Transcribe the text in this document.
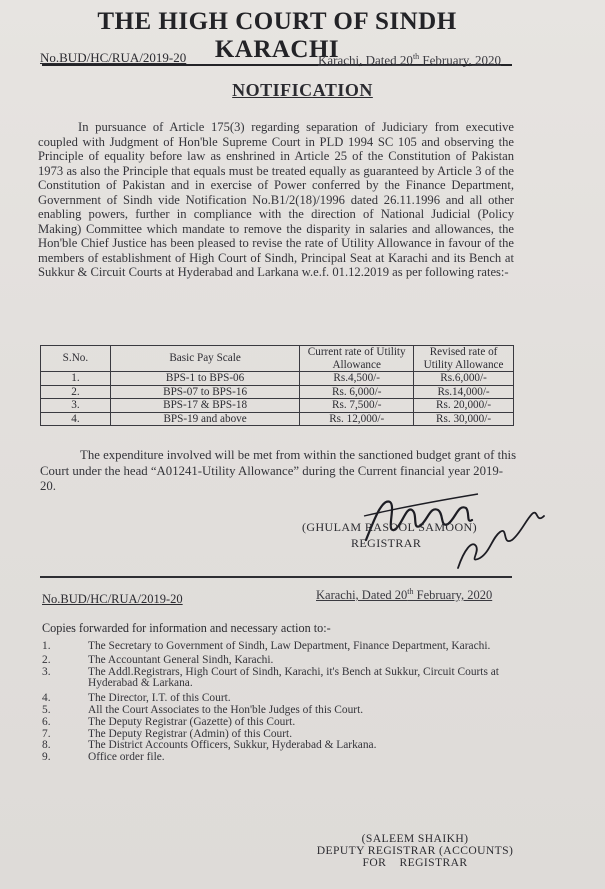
THE HIGH COURT OF SINDH KARACHI
No.BUD/HC/RUA/2019-20	Karachi, Dated 20th February, 2020
NOTIFICATION
In pursuance of Article 175(3) regarding separation of Judiciary from executive coupled with Judgment of Hon'ble Supreme Court in PLD 1994 SC 105 and observing the Principle of equality before law as enshrined in Article 25 of the Constitution of Pakistan 1973 as also the Principle that equals must be treated equally as guaranteed by Article 3 of the Constitution of Pakistan and in exercise of Power conferred by the Finance Department, Government of Sindh vide Notification No.B1/2(18)/1996 dated 26.11.1996 and all other enabling powers, further in compliance with the direction of National Judicial (Policy Making) Committee which mandate to remove the disparity in salaries and allowances, the Hon'ble Chief Justice has been pleased to revise the rate of Utility Allowance in favour of the members of establishment of High Court of Sindh, Principal Seat at Karachi and its Bench at Sukkur & Circuit Courts at Hyderabad and Larkana w.e.f. 01.12.2019 as per following rates:-
S.No.	Basic Pay Scale	Current rate of Utility Allowance	Revised rate of Utility Allowance
1.	BPS-1 to BPS-06	Rs.4,500/-	Rs.6,000/-
2.	BPS-07 to BPS-16	Rs. 6,000/-	Rs.14,000/-
3.	BPS-17 & BPS-18	Rs. 7,500/-	Rs. 20,000/-
4.	BPS-19 and above	Rs. 12,000/-	Rs. 30,000/-
The expenditure involved will be met from within the sanctioned budget grant of this Court under the head “A01241-Utility Allowance” during the Current financial year 2019-20.
(GHULAM RASOOL SAMOON)
REGISTRAR
No.BUD/HC/RUA/2019-20	Karachi, Dated 20th February, 2020
Copies forwarded for information and necessary action to:-
1.	The Secretary to Government of Sindh, Law Department, Finance Department, Karachi.
2.	The Accountant General Sindh, Karachi.
3.	The Addl.Registrars, High Court of Sindh, Karachi, it's Bench at Sukkur, Circuit Courts at Hyderabad & Larkana.
4.	The Director, I.T. of this Court.
5.	All the Court Associates to the Hon'ble Judges of this Court.
6.	The Deputy Registrar (Gazette) of this Court.
7.	The Deputy Registrar (Admin) of this Court.
8.	The District Accounts Officers, Sukkur, Hyderabad & Larkana.
9.	Office order file.
(SALEEM SHAIKH)
DEPUTY REGISTRAR (ACCOUNTS)
FOR    REGISTRAR
